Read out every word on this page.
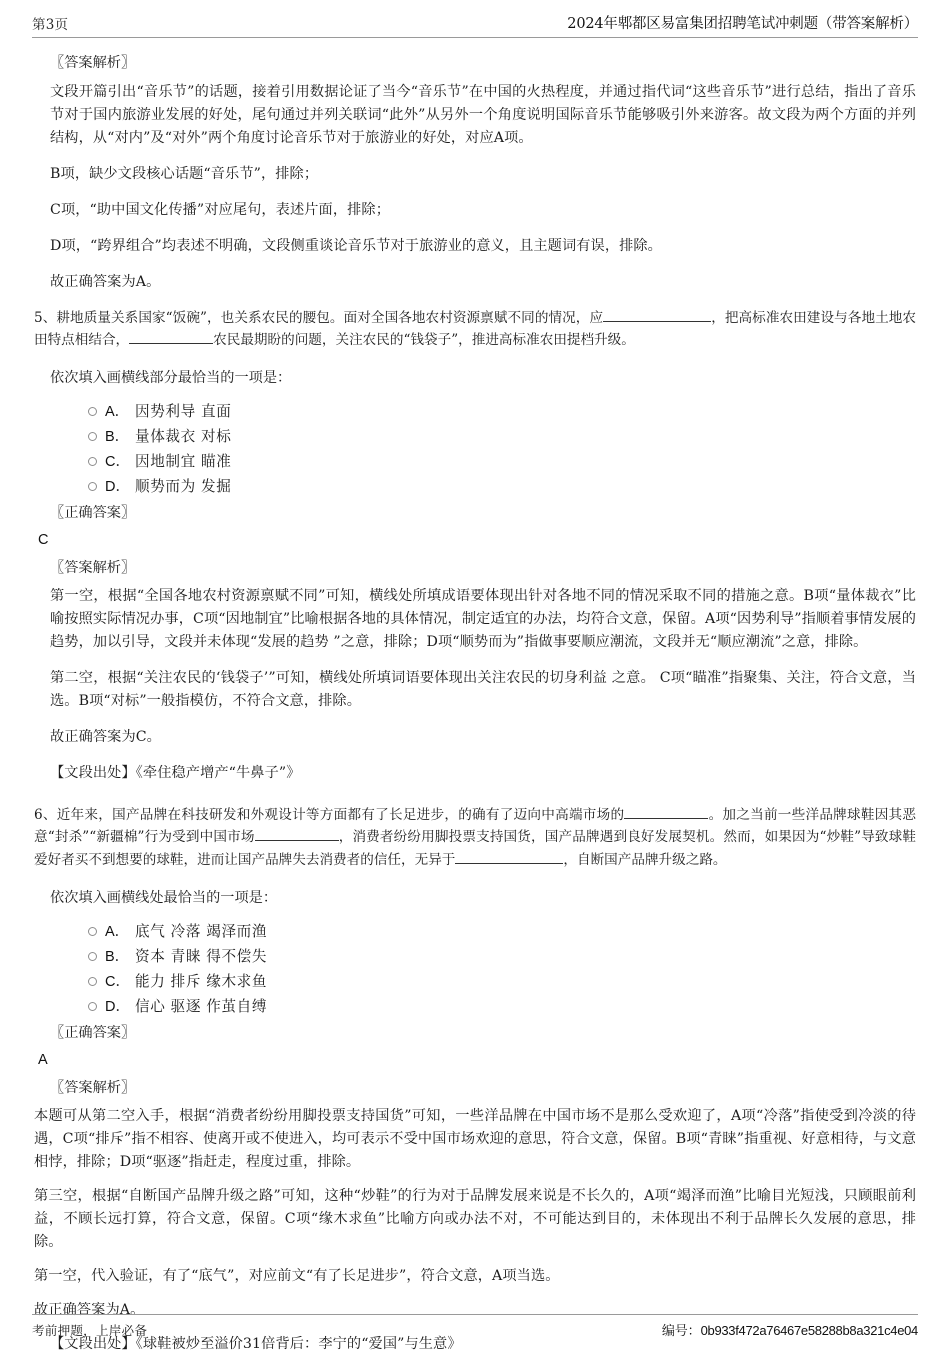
第3页	2024年郫都区易富集团招聘笔试冲刺题（带答案解析）
〖答案解析〗

文段开篇引出“音乐节”的话题，接着引用数据论证了当今“音乐节”在中国的火热程度，并通过指代词“这些音乐节”进行总结，指出了音乐节对于国内旅游业发展的好处，尾句通过并列关联词“此外”从另外一个角度说明国际音乐节能够吸引外来游客。故文段为两个方面的并列结构，从“对内”及“对外”两个角度讨论音乐节对于旅游业的好处，对应A项。

B项，缺少文段核心话题“音乐节”，排除；

C项，“助中国文化传播”对应尾句，表述片面，排除；

D项，“跨界组合”均表述不明确，文段侧重谈论音乐节对于旅游业的意义，且主题词有误，排除。

故正确答案为A。

5、耕地质量关系国家“饭碗”，也关系农民的腰包。面对全国各地农村资源禀赋不同的情况，应	，把高标准农田建设与各地土地农田特点相结合，	农民最期盼的问题，关注农民的“钱袋子”，推进高标准农田提档升级。

依次填入画横线部分最恰当的一项是：
A． 因势利导 直面
B． 量体裁衣 对标
C． 因地制宜 瞄准
D． 顺势而为 发掘
〖正确答案〗
C
〖答案解析〗

第一空，根据“全国各地农村资源禀赋不同”可知，横线处所填成语要体现出针对各地不同的情况采取不同的措施之意。B项“量体裁衣”比喻按照实际情况办事，C项“因地制宜”比喻根据各地的具体情况，制定适宜的办法，均符合文意，保留。A项“因势利导”指顺着事情发展的趋势，加以引导，文段并未体现“发展的趋势 ”之意，排除；D项“顺势而为”指做事要顺应潮流，文段并无“顺应潮流”之意，排除。

第二空，根据“关注农民的‘钱袋子’”可知，横线处所填词语要体现出关注农民的切身利益 之意。 C项“瞄准”指聚集、关注，符合文意，当选。B项“对标”一般指模仿，不符合文意，排除。

故正确答案为C。

【文段出处】《牵住稳产增产“牛鼻子”》

6、近年来，国产品牌在科技研发和外观设计等方面都有了长足进步，的确有了迈向中高端市场的	。加之当前一些洋品牌球鞋因其恶意“封杀”“新疆棉”行为受到中国市场	，消费者纷纷用脚投票支持国货，国产品牌遇到良好发展契机。然而，如果因为“炒鞋”导致球鞋爱好者买不到想要的球鞋，进而让国产品牌失去消费者的信任，无异于	，自断国产品牌升级之路。

依次填入画横线处最恰当的一项是：
A． 底气 冷落 竭泽而渔
B． 资本 青睐 得不偿失
C． 能力 排斥 缘木求鱼
D． 信心 驱逐 作茧自缚
〖正确答案〗
A
〖答案解析〗

本题可从第二空入手，根据“消费者纷纷用脚投票支持国货”可知，一些洋品牌在中国市场不是那么受欢迎了，A项“冷落”指使受到冷淡的待遇，C项“排斥”指不相容、使离开或不使进入，均可表示不受中国市场欢迎的意思，符合文意，保留。B项“青睐”指重视、好意相待，与文意相悖，排除；D项“驱逐”指赶走，程度过重，排除。

第三空，根据“自断国产品牌升级之路”可知，这种“炒鞋”的行为对于品牌发展来说是不长久的，A项“竭泽而渔”比喻目光短浅，只顾眼前利益，不顾长远打算，符合文意，保留。C项“缘木求鱼”比喻方向或办法不对，不可能达到目的，未体现出不利于品牌长久发展的意思，排除。

第一空，代入验证，有了“底气”，对应前文“有了长足进步”，符合文意，A项当选。

故正确答案为A。

【文段出处】《球鞋被炒至溢价31倍背后：李宁的“爱国”与生意》

考前押题，上岸必备	编号：0b933f472a76467e58288b8a321c4e04
